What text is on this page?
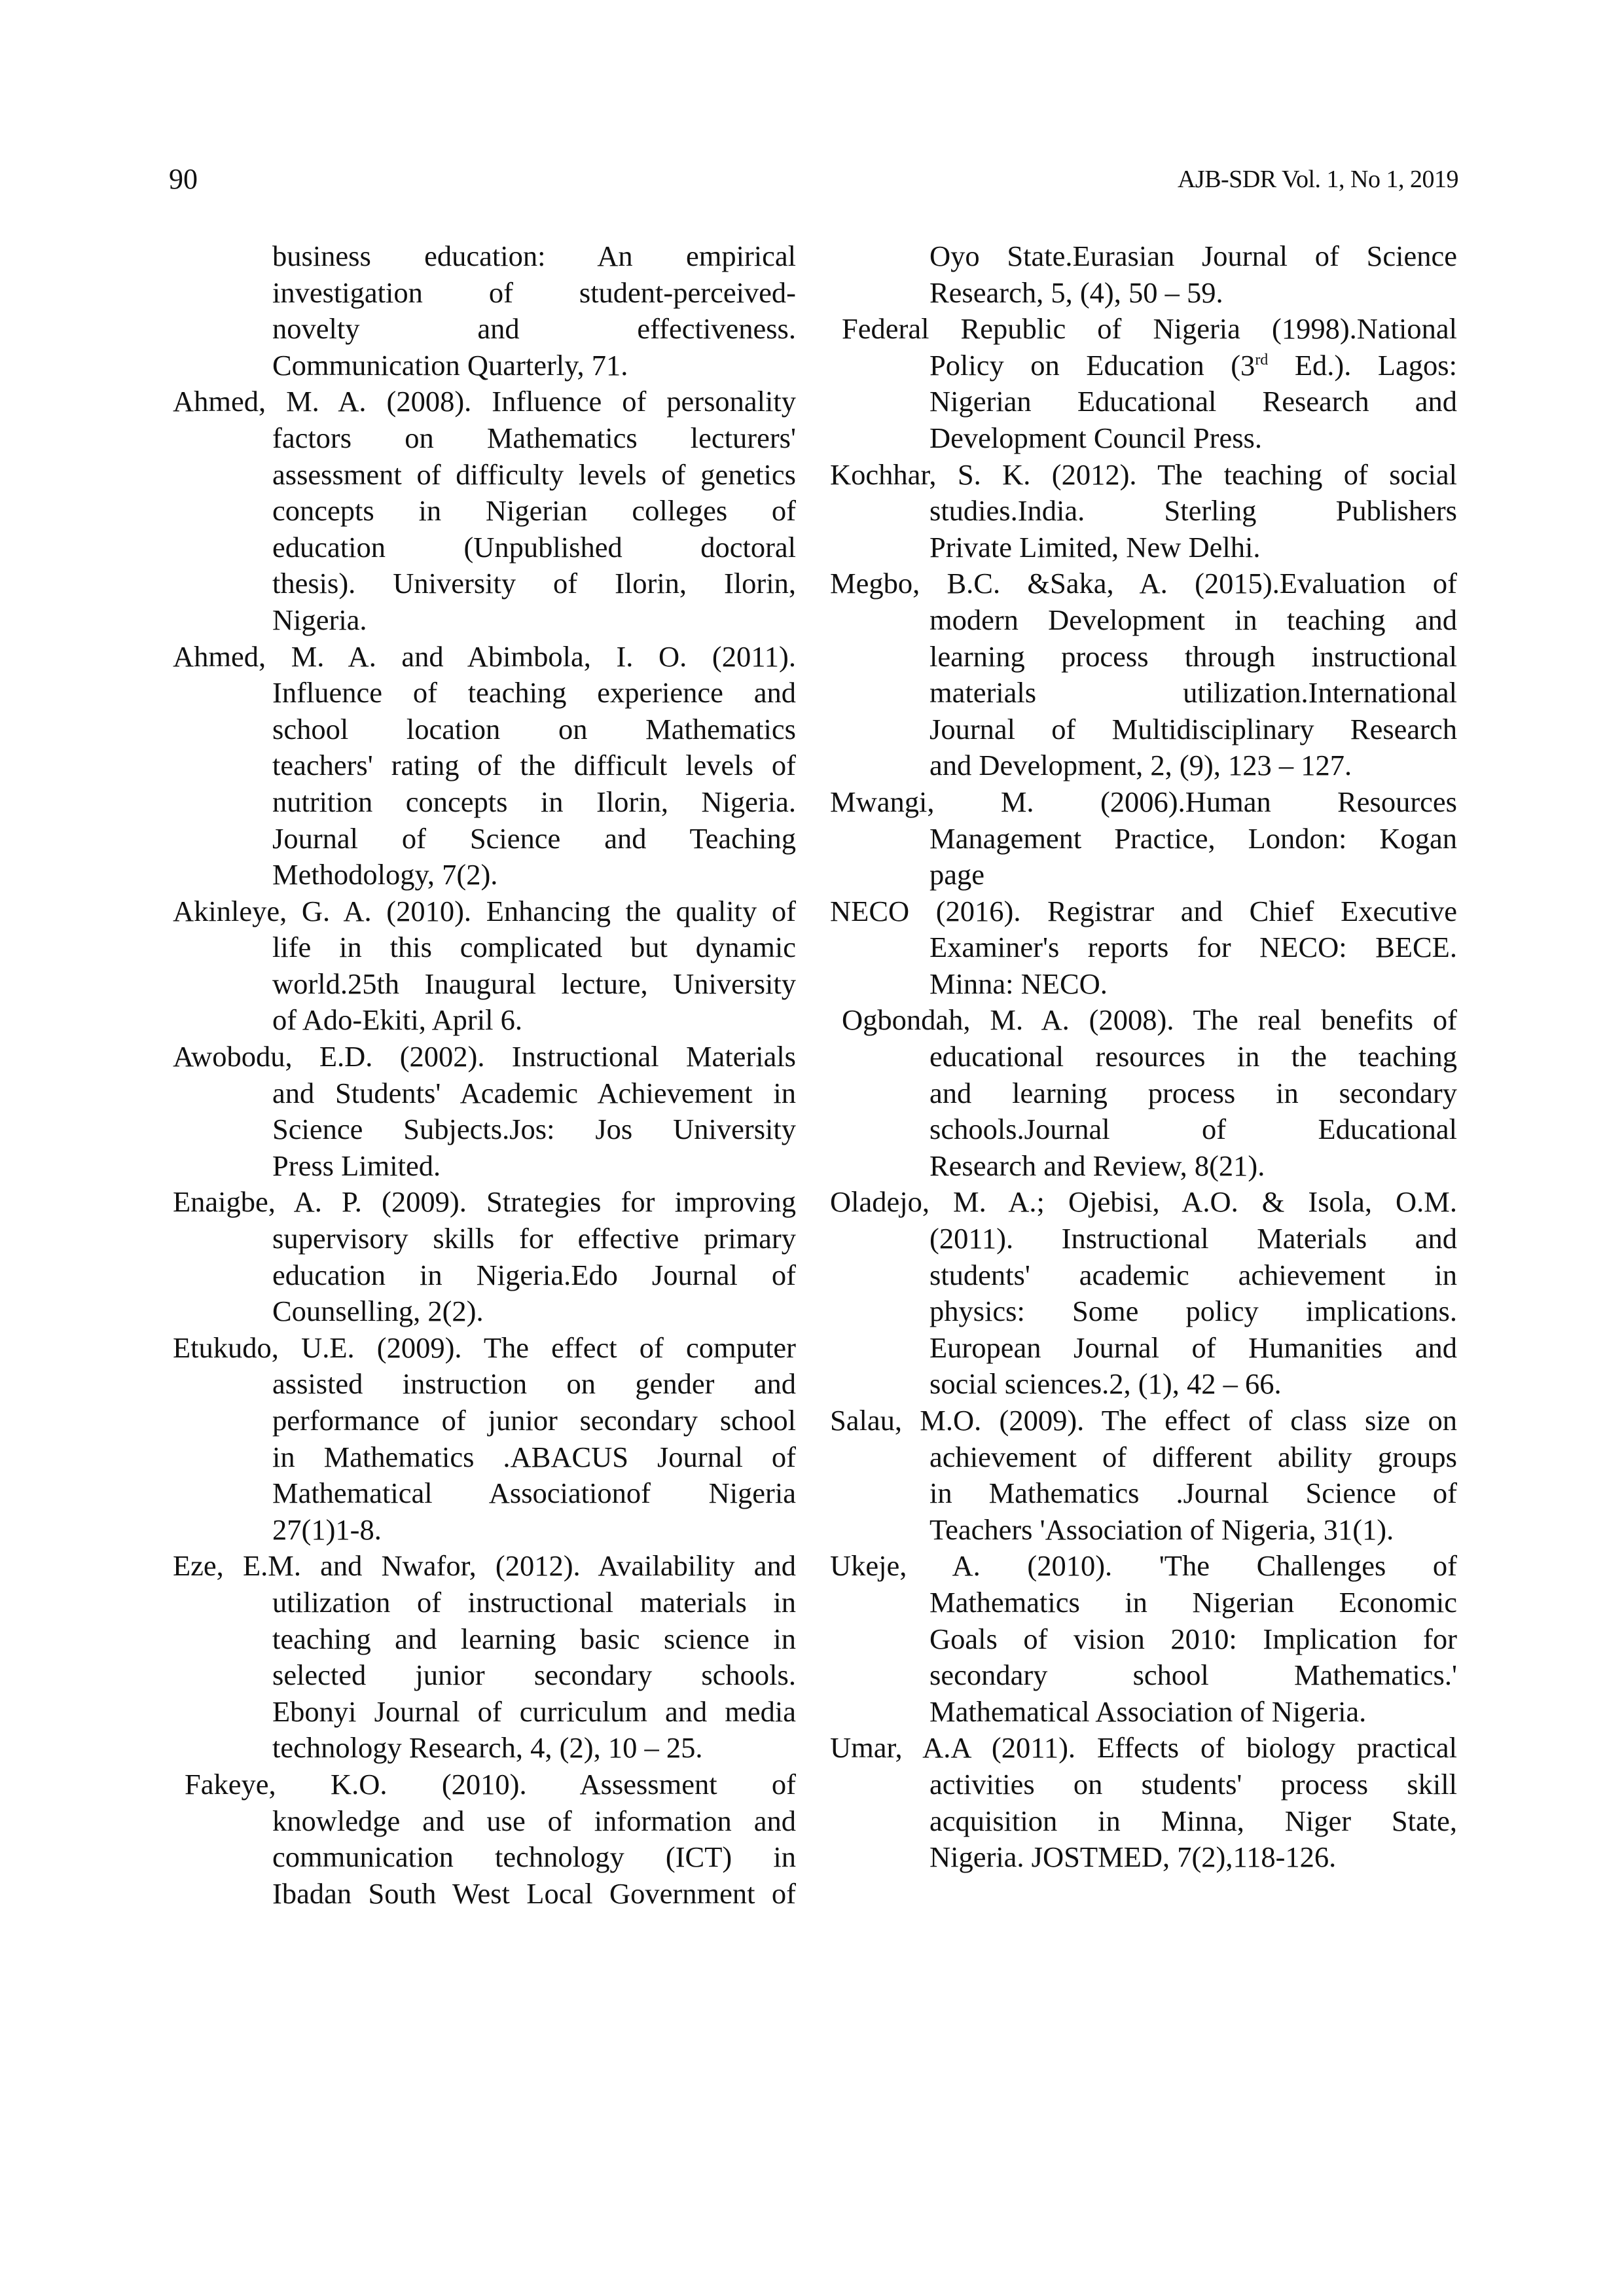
90	AJB-SDR Vol. 1, No 1, 2019
business education: An empirical
investigation of student-perceived-
novelty and effectiveness.
Communication Quarterly, 71.
Ahmed, M. A. (2008). Influence of personality
factors on Mathematics lecturers'
assessment of difficulty levels of genetics
concepts in Nigerian colleges of
education (Unpublished doctoral
thesis). University of Ilorin, Ilorin,
Nigeria.
Ahmed, M. A. and Abimbola, I. O. (2011).
Influence of teaching experience and
school location on Mathematics
teachers' rating of the difficult levels of
nutrition concepts in Ilorin, Nigeria.
Journal of Science and Teaching
Methodology, 7(2).
Akinleye, G. A. (2010). Enhancing the quality of
life in this complicated but dynamic
world.25th Inaugural lecture, University
of Ado-Ekiti, April 6.
Awobodu, E.D. (2002). Instructional Materials
and Students' Academic Achievement in
Science Subjects.Jos: Jos University
Press Limited.
Enaigbe, A. P. (2009). Strategies for improving
supervisory skills for effective primary
education in Nigeria.Edo Journal of
Counselling, 2(2).
Etukudo, U.E. (2009). The effect of computer
assisted instruction on gender and
performance of junior secondary school
in Mathematics .ABACUS Journal of
Mathematical Associationof Nigeria
27(1)1-8.
Eze, E.M. and Nwafor, (2012). Availability and
utilization of instructional materials in
teaching and learning basic science in
selected junior secondary schools.
Ebonyi Journal of curriculum and media
technology Research, 4, (2), 10 – 25.
Fakeye, K.O. (2010). Assessment of
knowledge and use of information and
communication technology (ICT) in
Ibadan South West Local Government of
Oyo State.Eurasian Journal of Science
Research, 5, (4), 50 – 59.
Federal Republic of Nigeria (1998).National
Policy on Education (3rd Ed.). Lagos:
Nigerian Educational Research and
Development Council Press.
Kochhar, S. K. (2012). The teaching of social
studies.India. Sterling Publishers
Private Limited, New Delhi.
Megbo, B.C. &Saka, A. (2015).Evaluation of
modern Development in teaching and
learning process through instructional
materials utilization.International
Journal of Multidisciplinary Research
and Development, 2, (9), 123 – 127.
Mwangi, M. (2006).Human Resources
Management Practice, London: Kogan
page
NECO (2016). Registrar and Chief Executive
Examiner's reports for NECO: BECE.
Minna: NECO.
Ogbondah, M. A. (2008). The real benefits of
educational resources in the teaching
and learning process in secondary
schools.Journal of Educational
Research and Review, 8(21).
Oladejo, M. A.; Ojebisi, A.O. & Isola, O.M.
(2011). Instructional Materials and
students' academic achievement in
physics: Some policy implications.
European Journal of Humanities and
social sciences.2, (1), 42 – 66.
Salau, M.O. (2009). The effect of class size on
achievement of different ability groups
in Mathematics .Journal Science of
Teachers 'Association of Nigeria, 31(1).
Ukeje, A. (2010). 'The Challenges of
Mathematics in Nigerian Economic
Goals of vision 2010: Implication for
secondary school Mathematics.'
Mathematical Association of Nigeria.
Umar, A.A (2011). Effects of biology practical
activities on students' process skill
acquisition in Minna, Niger State,
Nigeria. JOSTMED, 7(2),118-126.
